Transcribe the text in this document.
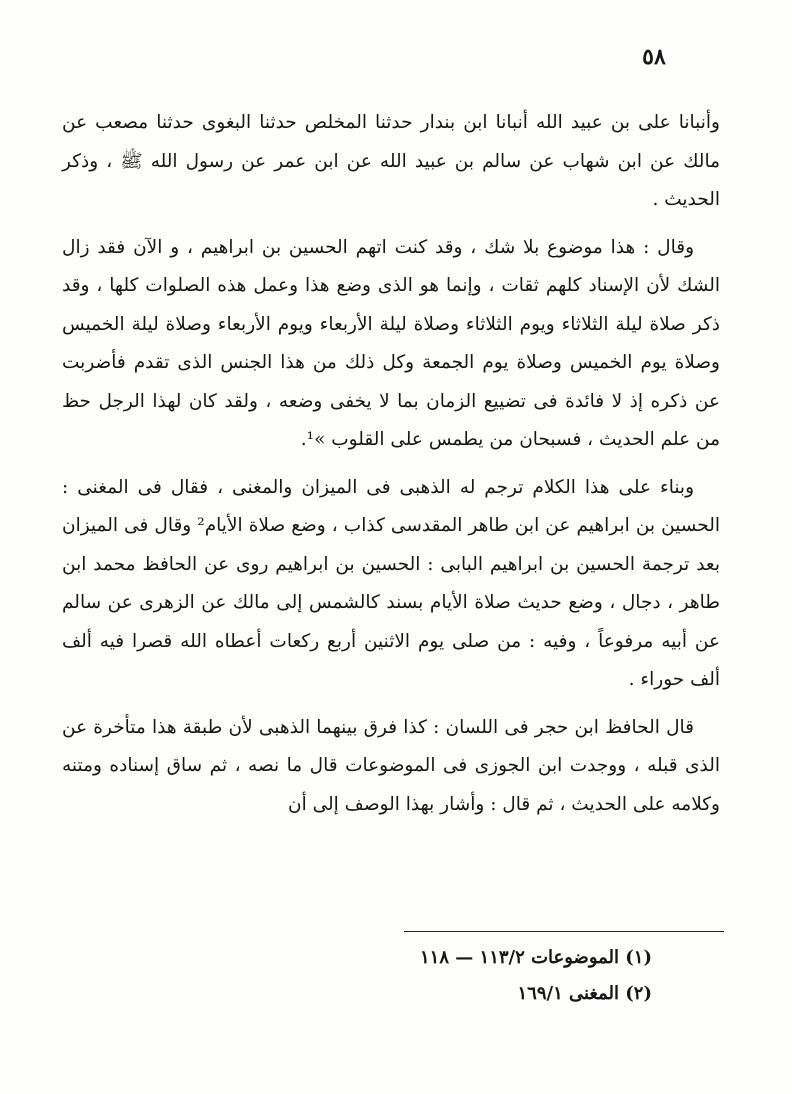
٥٨

وأنبانا على بن عبيد الله أنبانا ابن بندار حدثنا المخلص حدثنا البغوى حدثنا مصعب عن مالك عن ابن شهاب عن سالم بن عبيد الله عن ابن عمر عن رسول الله ﷺ ، وذكر الحديث .

وقال : هذا موضوع بلا شك ، وقد كنت اتهم الحسين بن ابراهيم ، و الآن فقد زال الشك لأن الإسناد كلهم ثقات ، وإنما هو الذى وضع هذا وعمل هذه الصلوات كلها ، وقد ذكر صلاة ليلة الثلاثاء ويوم الثلاثاء وصلاة ليلة الأربعاء ويوم الأربعاء وصلاة ليلة الخميس وصلاة يوم الخميس وصلاة يوم الجمعة وكل ذلك من هذا الجنس الذى تقدم فأضربت عن ذكره إذ لا فائدة فى تضييع الزمان بما لا يخفى وضعه ، ولقد كان لهذا الرجل حظ من علم الحديث ، فسبحان من يطمس على القلوب »¹.

وبناء على هذا الكلام ترجم له الذهبى فى الميزان والمغنى ، فقال فى المغنى : الحسين بن ابراهيم عن ابن طاهر المقدسى كذاب ، وضع صلاة الأيام² وقال فى الميزان بعد ترجمة الحسين بن ابراهيم البابى : الحسين بن ابراهيم روى عن الحافظ محمد ابن طاهر ، دجال ، وضع حديث صلاة الأيام بسند كالشمس إلى مالك عن الزهرى عن سالم عن أبيه مرفوعاً ، وفيه : من صلى يوم الاثنين أربع ركعات أعطاه الله قصرا فيه ألف ألف حوراء .

قال الحافظ ابن حجر فى اللسان : كذا فرق بينهما الذهبى لأن طبقة هذا متأخرة عن الذى قبله ، ووجدت ابن الجوزى فى الموضوعات قال ما نصه ، ثم ساق إسناده ومتنه وكلامه على الحديث ، ثم قال : وأشار بهذا الوصف إلى أن

(١) الموضوعات ١١٣/٢ — ١١٨
(٢) المغنى ١٦٩/١
